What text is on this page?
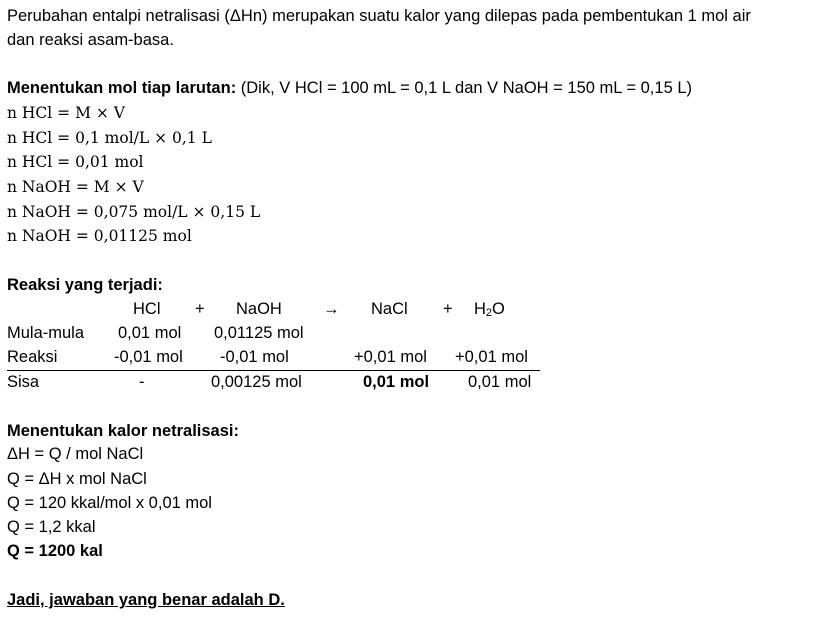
Perubahan entalpi netralisasi (ΔHn) merupakan suatu kalor yang dilepas pada pembentukan 1 mol air
dan reaksi asam-basa.
Menentukan mol tiap larutan: (Dik, V HCl = 100 mL = 0,1 L dan V NaOH = 150 mL = 0,15 L)
n HCl = M × V
n HCl = 0,1 mol/L × 0,1 L
n HCl = 0,01 mol
n NaOH = M × V
n NaOH = 0,075 mol/L × 0,15 L
n NaOH = 0,01125 mol
Reaksi yang terjadi:
HCl + NaOH → NaCl + $H_2O$
Mula-mula 0,01 mol 0,01125 mol
Reaksi	-0,01 mol -0,01 mol	+0,01 mol +0,01 mol
Sisa	-	0,00125 mol	0,01 mol 0,01 mol
Menentukan kalor netralisasi:
ΔH = Q / mol NaCl
Q = ΔH x mol NaCl
Q = 120 kkal/mol x 0,01 mol
Q = 1,2 kkal
Q = 1200 kal
Jadi, jawaban yang benar adalah D.
